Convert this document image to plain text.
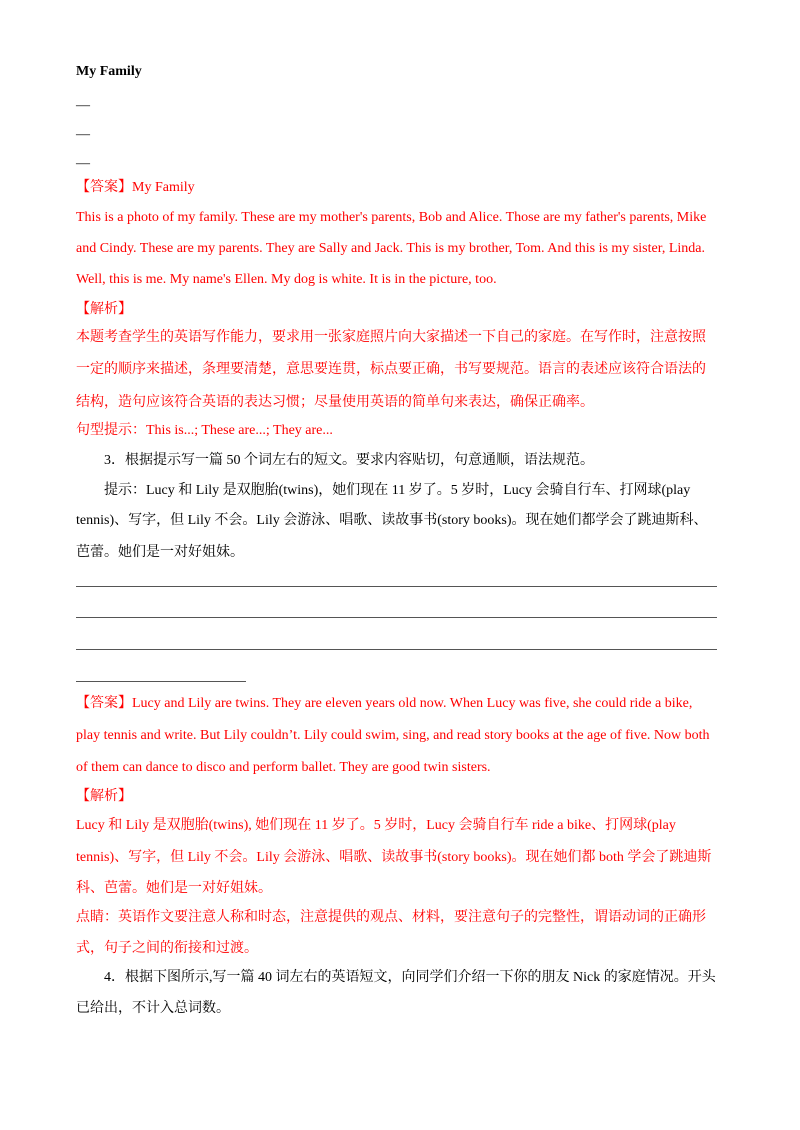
My Family
—
—
—
【答案】My Family
This is a photo of my family. These are my mother's parents, Bob and Alice. Those are my father's parents, Mike
and Cindy. These are my parents. They are Sally and Jack. This is my brother, Tom. And this is my sister, Linda.
Well, this is me. My name's Ellen. My dog is white. It is in the picture, too.
【解析】
本题考查学生的英语写作能力，要求用一张家庭照片向大家描述一下自己的家庭。在写作时，注意按照
一定的顺序来描述，条理要清楚，意思要连贯，标点要正确，书写要规范。语言的表述应该符合语法的
结构，造句应该符合英语的表达习惯；尽量使用英语的简单句来表达，确保正确率。
句型提示：This is...; These are...; They are...
3．根据提示写一篇 50 个词左右的短文。要求内容贴切，句意通顺，语法规范。
提示：Lucy 和 Lily 是双胞胎(twins)，她们现在 11 岁了。5 岁时，Lucy 会骑自行车、打网球(play
tennis)、写字，但 Lily 不会。Lily 会游泳、唱歌、读故事书(story books)。现在她们都学会了跳迪斯科、
芭蕾。她们是一对好姐妹。
【答案】Lucy and Lily are twins. They are eleven years old now. When Lucy was five, she could ride a bike,
play tennis and write. But Lily couldn’t. Lily could swim, sing, and read story books at the age of five. Now both
of them can dance to disco and perform ballet. They are good twin sisters.
【解析】
Lucy 和 Lily 是双胞胎(twins), 她们现在 11 岁了。5 岁时，Lucy 会骑自行车 ride a bike、打网球(play
tennis)、写字，但 Lily 不会。Lily 会游泳、唱歌、读故事书(story books)。现在她们都 both 学会了跳迪斯
科、芭蕾。她们是一对好姐妹。
点睛：英语作文要注意人称和时态，注意提供的观点、材料，要注意句子的完整性，谓语动词的正确形
式，句子之间的衔接和过渡。
4．根据下图所示,写一篇 40 词左右的英语短文，向同学们介绍一下你的朋友 Nick 的家庭情况。开头
已给出，不计入总词数。
